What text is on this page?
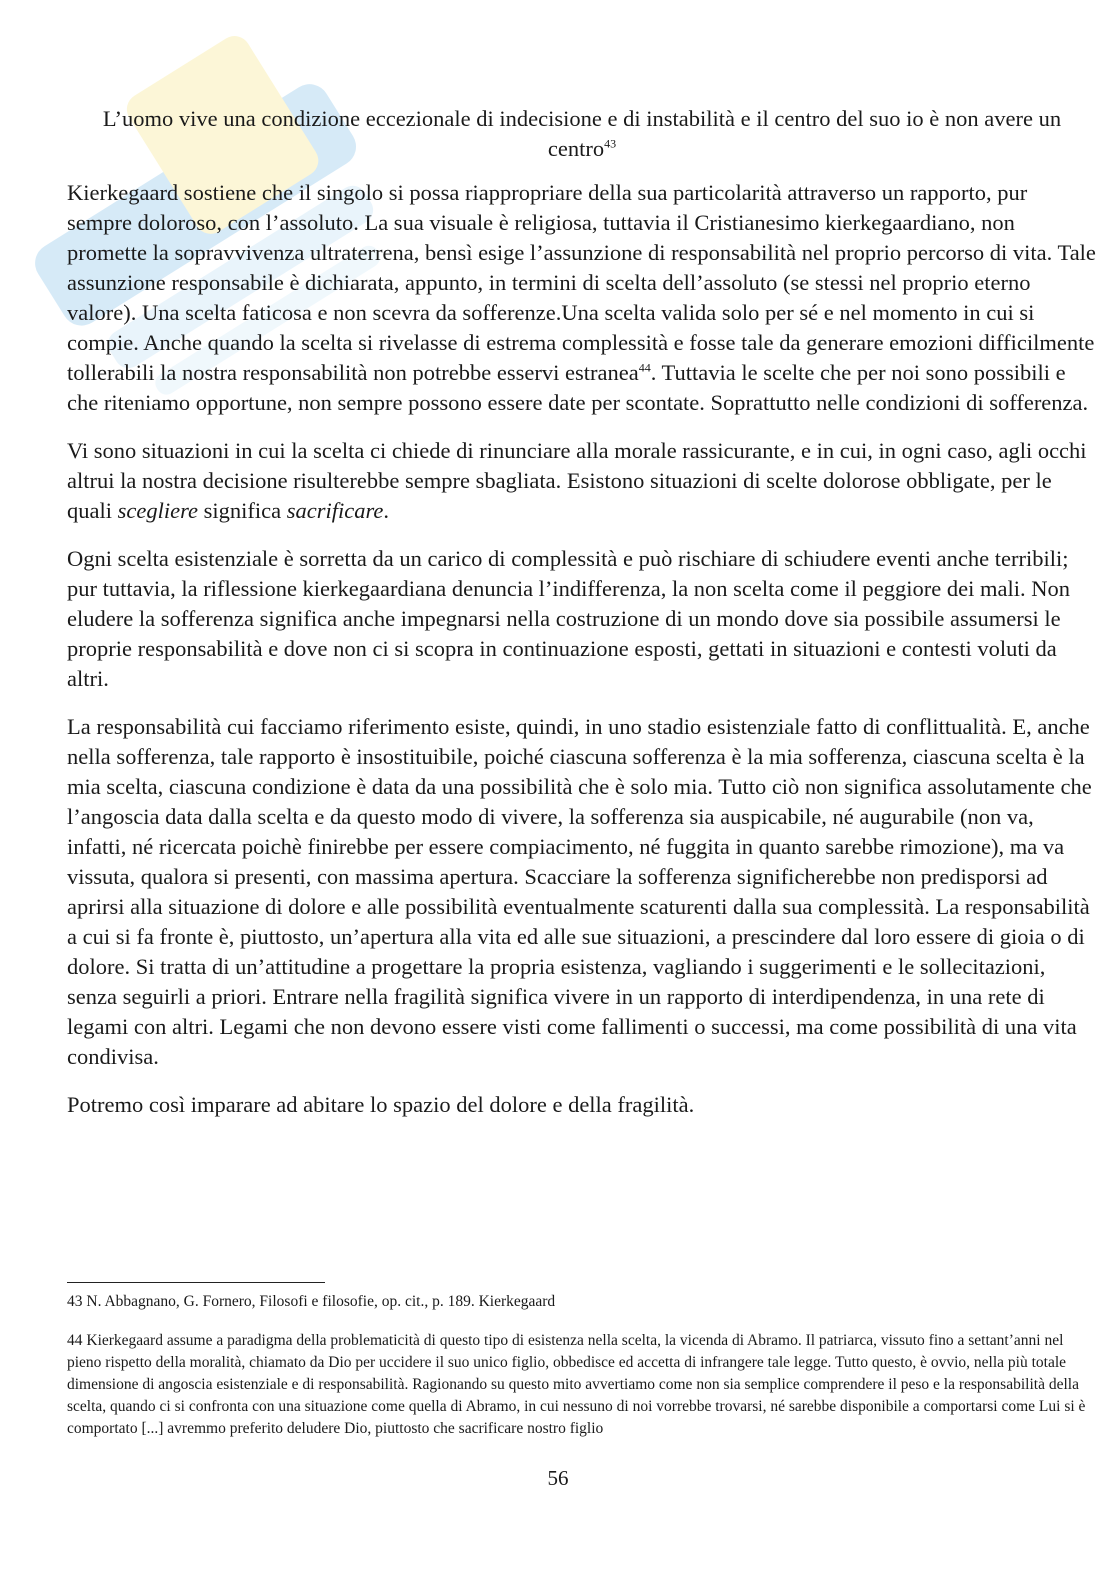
L’uomo vive una condizione eccezionale di indecisione e di instabilità e il centro del suo io è non avere un centro$^{43}$

Kierkegaard sostiene che il singolo si possa riappropriare della sua particolarità attraverso un rapporto, pur sempre doloroso, con l’assoluto. La sua visuale è religiosa, tuttavia il Cristianesimo kierkegaardiano, non promette la sopravvivenza ultraterrena, bensì esige l’assunzione di responsabilità nel proprio percorso di vita. Tale assunzione responsabile è dichiarata, appunto, in termini di scelta dell’assoluto (se stessi nel proprio eterno valore). Una scelta faticosa e non scevra da sofferenze.Una scelta valida solo per sé e nel momento in cui si compie. Anche quando la scelta si rivelasse di estrema complessità e fosse tale da generare emozioni difficilmente tollerabili la nostra responsabilità non potrebbe esservi estranea$^{44}$. Tuttavia le scelte che per noi sono possibili e che riteniamo opportune, non sempre possono essere date per scontate. Soprattutto nelle condizioni di sofferenza.

Vi sono situazioni in cui la scelta ci chiede di rinunciare alla morale rassicurante, e in cui, in ogni caso, agli occhi altrui la nostra decisione risulterebbe sempre sbagliata. Esistono situazioni di scelte dolorose obbligate, per le quali scegliere significa sacrificare.

Ogni scelta esistenziale è sorretta da un carico di complessità e può rischiare di schiudere eventi anche terribili; pur tuttavia, la riflessione kierkegaardiana denuncia l’indifferenza, la non scelta come il peggiore dei mali. Non eludere la sofferenza significa anche impegnarsi nella costruzione di un mondo dove sia possibile assumersi le proprie responsabilità e dove non ci si scopra in continuazione esposti, gettati in situazioni e contesti voluti da altri.

La responsabilità cui facciamo riferimento esiste, quindi, in uno stadio esistenziale fatto di conflittualità. E, anche nella sofferenza, tale rapporto è insostituibile, poiché ciascuna sofferenza è la mia sofferenza, ciascuna scelta è la mia scelta, ciascuna condizione è data da una possibilità che è solo mia. Tutto ciò non significa assolutamente che l’angoscia data dalla scelta e da questo modo di vivere, la sofferenza sia auspicabile, né augurabile (non va, infatti, né ricercata poichè finirebbe per essere compiacimento, né fuggita in quanto sarebbe rimozione), ma va vissuta, qualora si presenti, con massima apertura. Scacciare la sofferenza significherebbe non predisporsi ad aprirsi alla situazione di dolore e alle possibilità eventualmente scaturenti dalla sua complessità. La responsabilità a cui si fa fronte è, piuttosto, un’apertura alla vita ed alle sue situazioni, a prescindere dal loro essere di gioia o di dolore. Si tratta di un’attitudine a progettare la propria esistenza, vagliando i suggerimenti e le sollecitazioni, senza seguirli a priori. Entrare nella fragilità significa vivere in un rapporto di interdipendenza, in una rete di legami con altri. Legami che non devono essere visti come fallimenti o successi, ma come possibilità di una vita condivisa.

Potremo così imparare ad abitare lo spazio del dolore e della fragilità.

43 N. Abbagnano, G. Fornero, Filosofi e filosofie, op. cit., p. 189. Kierkegaard

44 Kierkegaard assume a paradigma della problematicità di questo tipo di esistenza nella scelta, la vicenda di Abramo. Il patriarca, vissuto fino a settant’anni nel pieno rispetto della moralità, chiamato da Dio per uccidere il suo unico figlio, obbedisce ed accetta di infrangere tale legge. Tutto questo, è ovvio, nella più totale dimensione di angoscia esistenziale e di responsabilità. Ragionando su questo mito avvertiamo come non sia semplice comprendere il peso e la responsabilità della scelta, quando ci si confronta con una situazione come quella di Abramo, in cui nessuno di noi vorrebbe trovarsi, né sarebbe disponibile a comportarsi come Lui si è comportato [...] avremmo preferito deludere Dio, piuttosto che sacrificare nostro figlio

56
